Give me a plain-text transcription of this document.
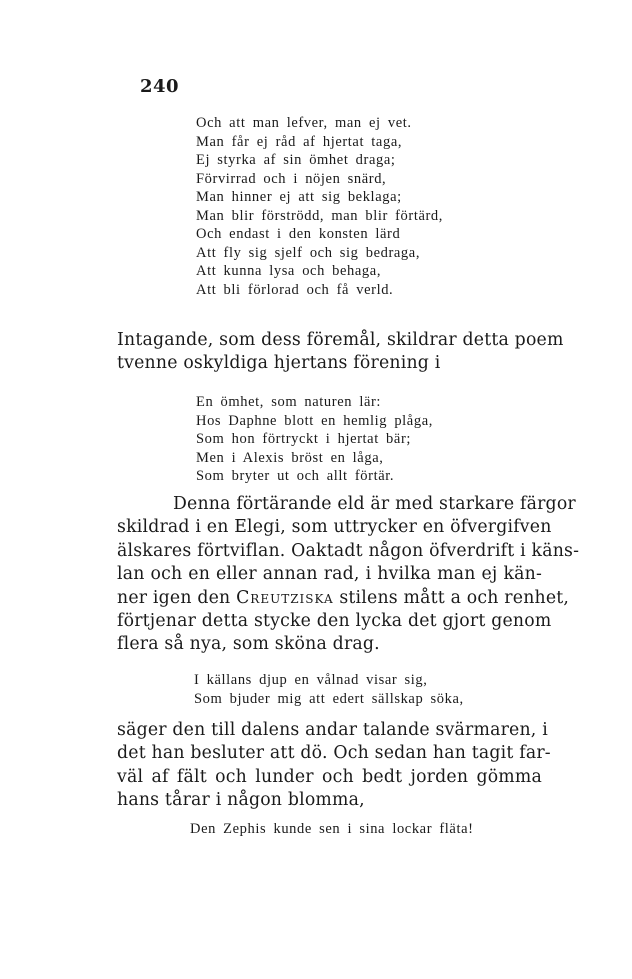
240
Och att man lefver, man ej vet.
Man får ej råd af hjertat taga,
Ej styrka af sin ömhet draga;
Förvirrad och i nöjen snärd,
Man hinner ej att sig beklaga;
Man blir förströdd, man blir förtärd,
Och endast i den konsten lärd
Att fly sig sjelf och sig bedraga,
Att kunna lysa och behaga,
Att bli förlorad och få verld.
Intagande, som dess föremål, skildrar detta poem
tvenne oskyldiga hjertans förening i
En ömhet, som naturen lär:
Hos Daphne blott en hemlig plåga,
Som hon förtryckt i hjertat bär;
Men i Alexis bröst en låga,
Som bryter ut och allt förtär.
Denna förtärande eld är med starkare färgor
skildrad i en Elegi, som uttrycker en öfvergifven
älskares förtviflan. Oaktadt någon öfverdrift i käns-
lan och en eller annan rad, i hvilka man ej kän-
ner igen den Creutziska stilens mått a och renhet,
förtjenar detta stycke den lycka det gjort genom
flera så nya, som sköna drag.
I källans djup en vålnad visar sig,
Som bjuder mig att edert sällskap söka,
säger den till dalens andar talande svärmaren, i
det han besluter att dö. Och sedan han tagit far-
väl af fält och lunder och bedt jorden gömma
hans tårar i någon blomma,
Den Zephis kunde sen i sina lockar fläta!
